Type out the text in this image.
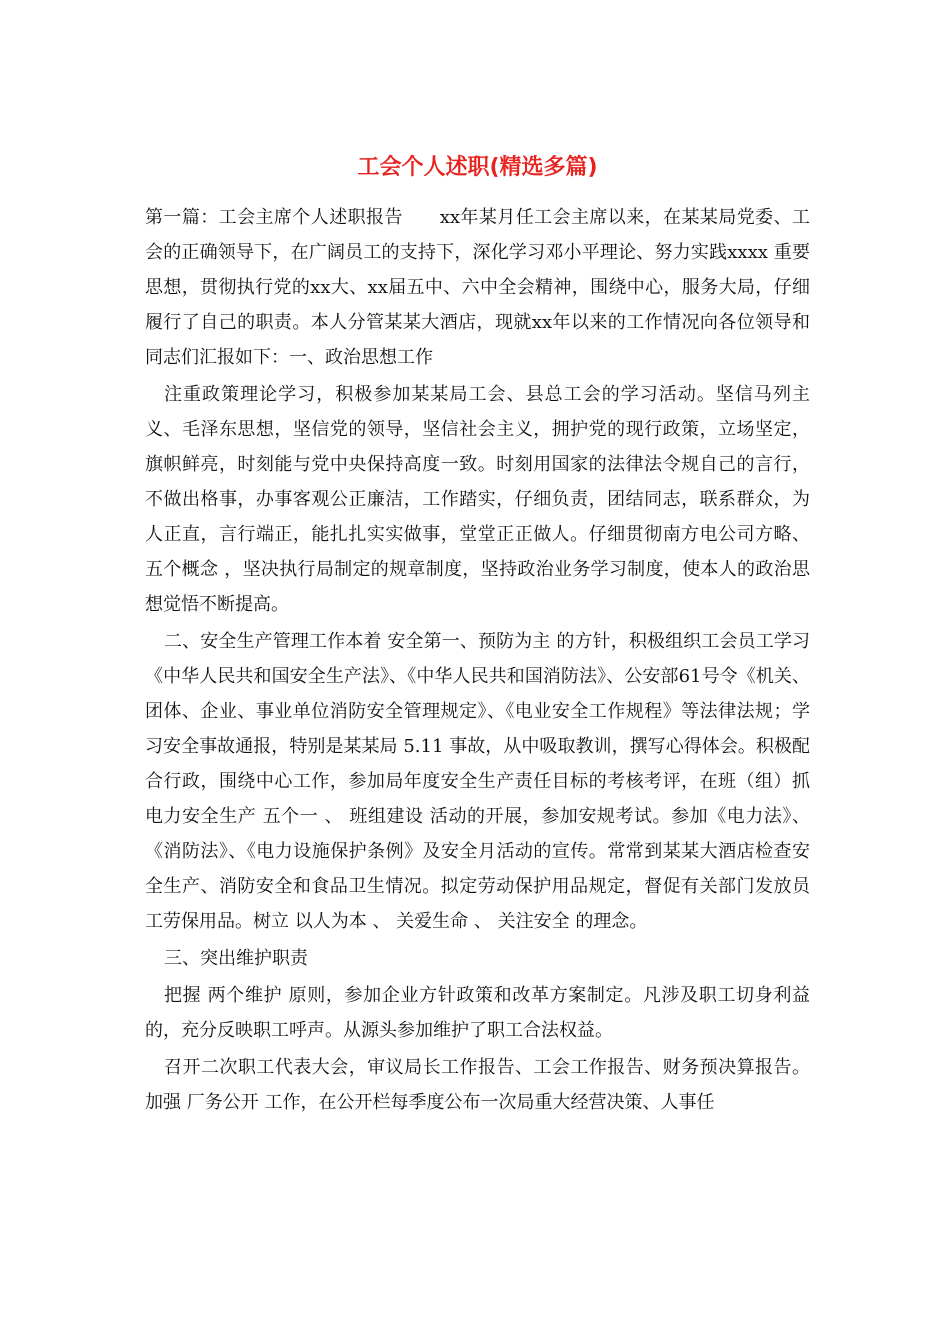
工会个人述职(精选多篇)
第一篇：工会主席个人述职报告　　xx年某月任工会主席以来，在某某局党委、工会的正确领导下，在广阔员工的支持下，深化学习邓小平理论、努力实践xxxx 重要思想，贯彻执行党的xx大、xx届五中、六中全会精神，围绕中心，服务大局，仔细履行了自己的职责。本人分管某某大酒店，现就xx年以来的工作情况向各位领导和同志们汇报如下：一、政治思想工作
注重政策理论学习，积极参加某某局工会、县总工会的学习活动。坚信马列主义、毛泽东思想，坚信党的领导，坚信社会主义，拥护党的现行政策，立场坚定，旗帜鲜亮，时刻能与党中央保持高度一致。时刻用国家的法律法令规自己的言行，不做出格事，办事客观公正廉洁，工作踏实，仔细负责，团结同志，联系群众，为人正直，言行端正，能扎扎实实做事，堂堂正正做人。仔细贯彻南方电公司方略、 五个概念 ，坚决执行局制定的规章制度，坚持政治业务学习制度，使本人的政治思想觉悟不断提高。
二、安全生产管理工作本着 安全第一、预防为主 的方针，积极组织工会员工学习《中华人民共和国安全生产法》、《中华人民共和国消防法》、公安部61号令《机关、团体、企业、事业单位消防安全管理规定》、《电业安全工作规程》等法律法规；学习安全事故通报，特别是某某局 5.11 事故，从中吸取教训，撰写心得体会。积极配合行政，围绕中心工作，参加局年度安全生产责任目标的考核考评，在班（组）抓电力安全生产 五个一 、 班组建设 活动的开展，参加安规考试。参加《电力法》、《消防法》、《电力设施保护条例》及安全月活动的宣传。常常到某某大酒店检查安全生产、消防安全和食品卫生情况。拟定劳动保护用品规定，督促有关部门发放员工劳保用品。树立 以人为本 、 关爱生命 、 关注安全 的理念。
三、突出维护职责
把握 两个维护 原则，参加企业方针政策和改革方案制定。凡涉及职工切身利益的，充分反映职工呼声。从源头参加维护了职工合法权益。
召开二次职工代表大会，审议局长工作报告、工会工作报告、财务预决算报告。加强 厂务公开 工作，在公开栏每季度公布一次局重大经营决策、人事任
